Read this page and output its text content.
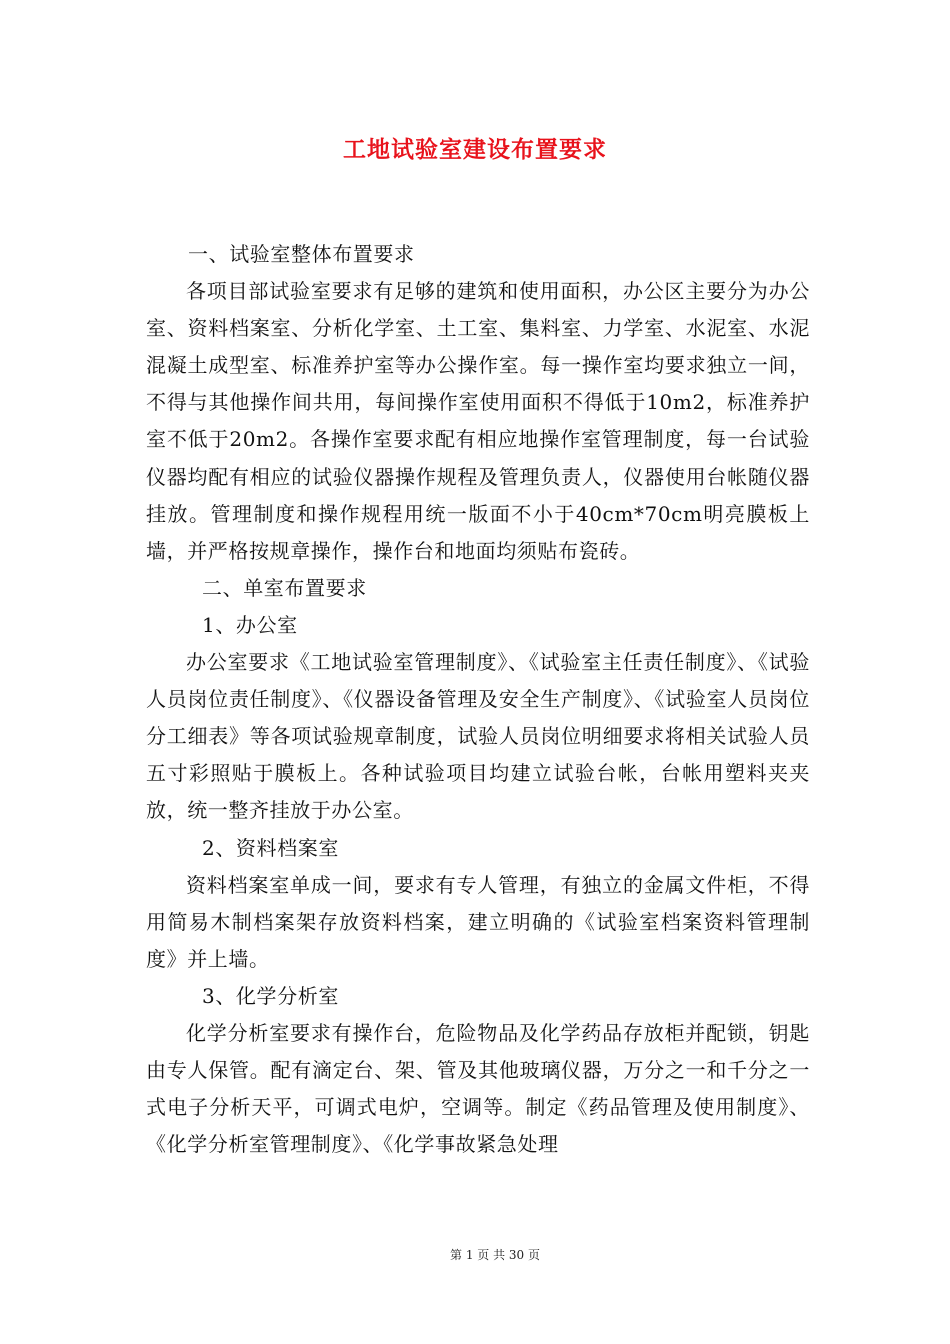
工地试验室建设布置要求

一、试验室整体布置要求

各项目部试验室要求有足够的建筑和使用面积，办公区主要分为办公室、资料档案室、分析化学室、土工室、集料室、力学室、水泥室、水泥混凝土成型室、标准养护室等办公操作室。每一操作室均要求独立一间，不得与其他操作间共用，每间操作室使用面积不得低于10m2，标准养护室不低于20m2。各操作室要求配有相应地操作室管理制度，每一台试验仪器均配有相应的试验仪器操作规程及管理负责人，仪器使用台帐随仪器挂放。管理制度和操作规程用统一版面不小于40cm*70cm明亮膜板上墙，并严格按规章操作，操作台和地面均须贴布瓷砖。

二、单室布置要求

1、办公室

办公室要求《工地试验室管理制度》、《试验室主任责任制度》、《试验人员岗位责任制度》、《仪器设备管理及安全生产制度》、《试验室人员岗位分工细表》等各项试验规章制度，试验人员岗位明细要求将相关试验人员五寸彩照贴于膜板上。各种试验项目均建立试验台帐，台帐用塑料夹夹放，统一整齐挂放于办公室。

2、资料档案室

资料档案室单成一间，要求有专人管理，有独立的金属文件柜，不得用简易木制档案架存放资料档案，建立明确的《试验室档案资料管理制度》并上墙。

3、化学分析室

化学分析室要求有操作台，危险物品及化学药品存放柜并配锁，钥匙由专人保管。配有滴定台、架、管及其他玻璃仪器，万分之一和千分之一式电子分析天平，可调式电炉，空调等。制定《药品管理及使用制度》、《化学分析室管理制度》、《化学事故紧急处理

第 1 页 共 30 页
